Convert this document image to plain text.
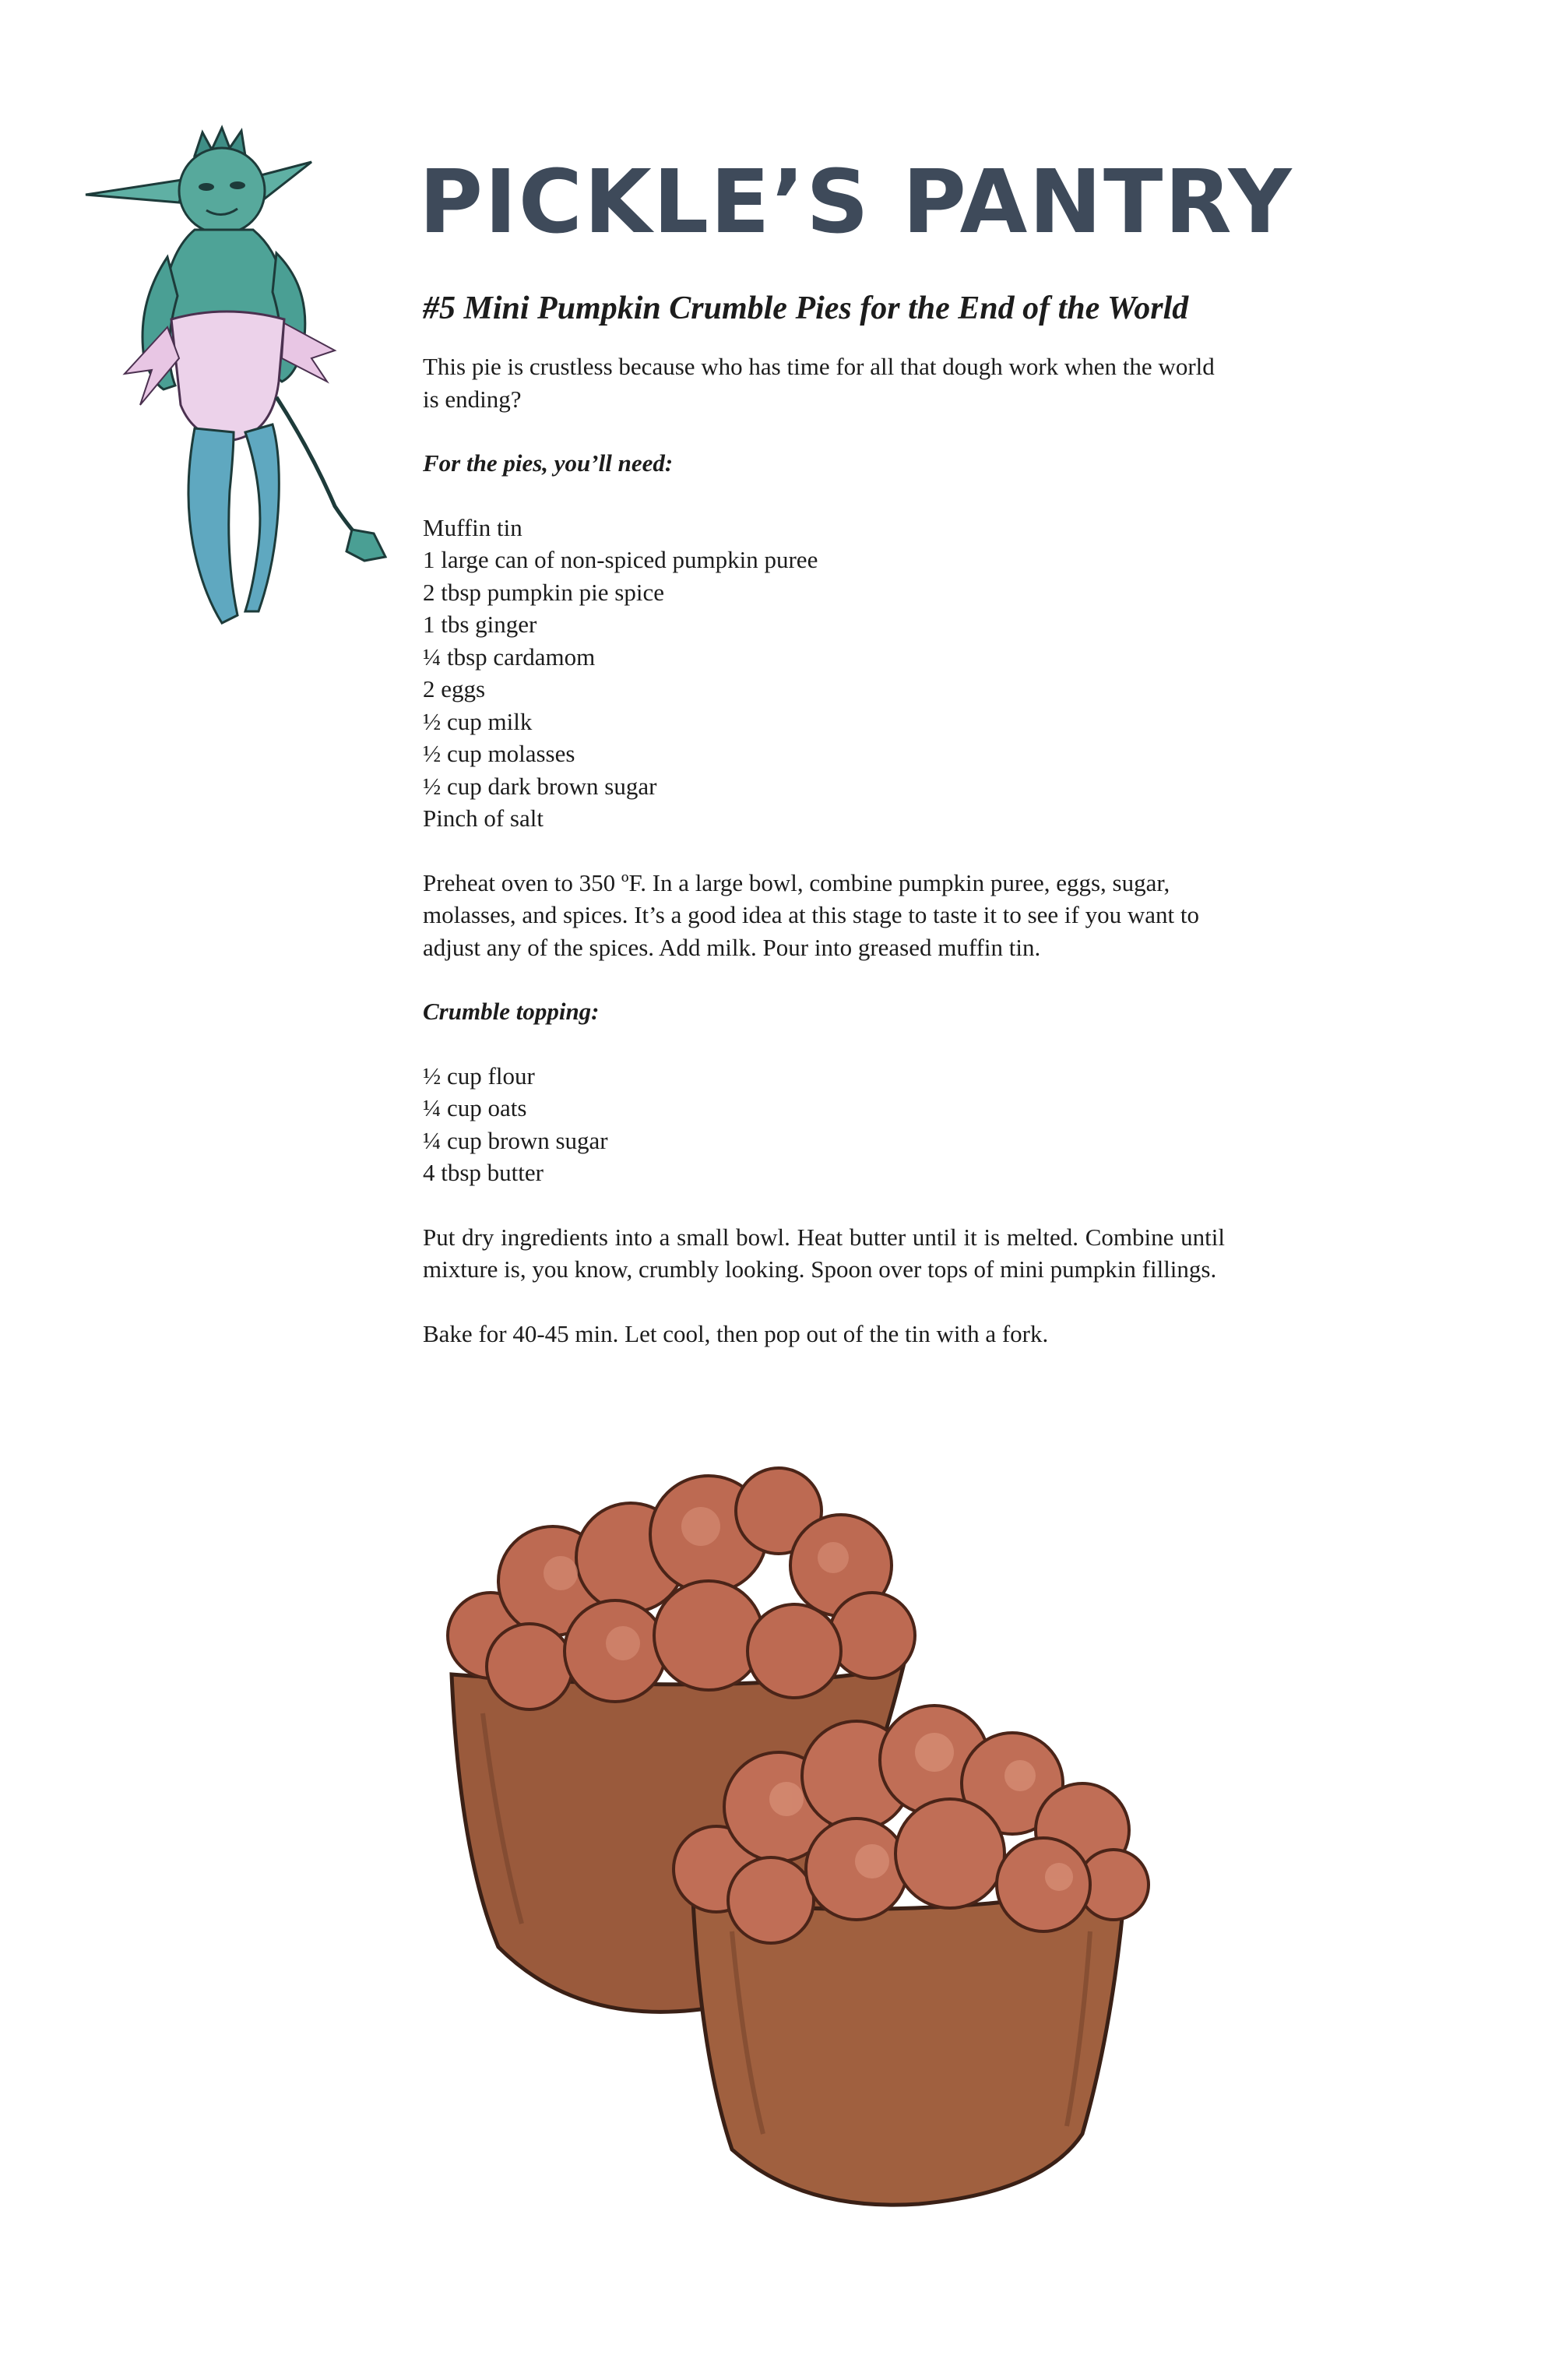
PICKLE’S PANTRY
#5 Mini Pumpkin Crumble Pies for the End of the World

This pie is crustless because who has time for all that dough work when the world is ending?

For the pies, you’ll need:

Muffin tin
1 large can of non-spiced pumpkin puree
2 tbsp pumpkin pie spice
1 tbs ginger
¼ tbsp cardamom
2 eggs
½ cup milk
½ cup molasses
½ cup dark brown sugar
Pinch of salt

Preheat oven to 350 ºF. In a large bowl, combine pumpkin puree, eggs, sugar, molasses, and spices. It’s a good idea at this stage to taste it to see if you want to adjust any of the spices. Add milk. Pour into greased muffin tin.

Crumble topping:

½ cup flour
¼ cup oats
¼ cup brown sugar
4 tbsp butter

Put dry ingredients into a small bowl. Heat butter until it is melted. Combine until mixture is, you know, crumbly looking. Spoon over tops of mini pumpkin fillings.

Bake for 40-45 min. Let cool, then pop out of the tin with a fork.
